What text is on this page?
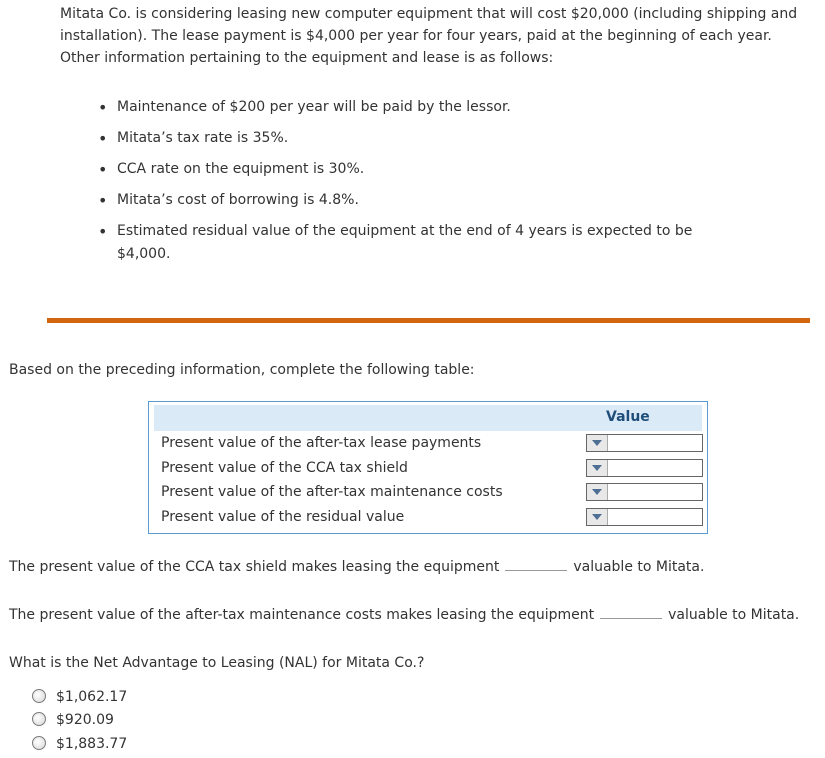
Mitata Co. is considering leasing new computer equipment that will cost $20,000 (including shipping and installation). The lease payment is $4,000 per year for four years, paid at the beginning of each year. Other information pertaining to the equipment and lease is as follows:

• Maintenance of $200 per year will be paid by the lessor.
• Mitata’s tax rate is 35%.
• CCA rate on the equipment is 30%.
• Mitata’s cost of borrowing is 4.8%.
• Estimated residual value of the equipment at the end of 4 years is expected to be $4,000.

Based on the preceding information, complete the following table:

Value
Present value of the after-tax lease payments
Present value of the CCA tax shield
Present value of the after-tax maintenance costs
Present value of the residual value
The present value of the CCA tax shield makes leasing the equipment	valuable to Mitata.
The present value of the after-tax maintenance costs makes leasing the equipment	valuable to Mitata.
What is the Net Advantage to Leasing (NAL) for Mitata Co.?
$1,062.17
$920.09
$1,883.77
